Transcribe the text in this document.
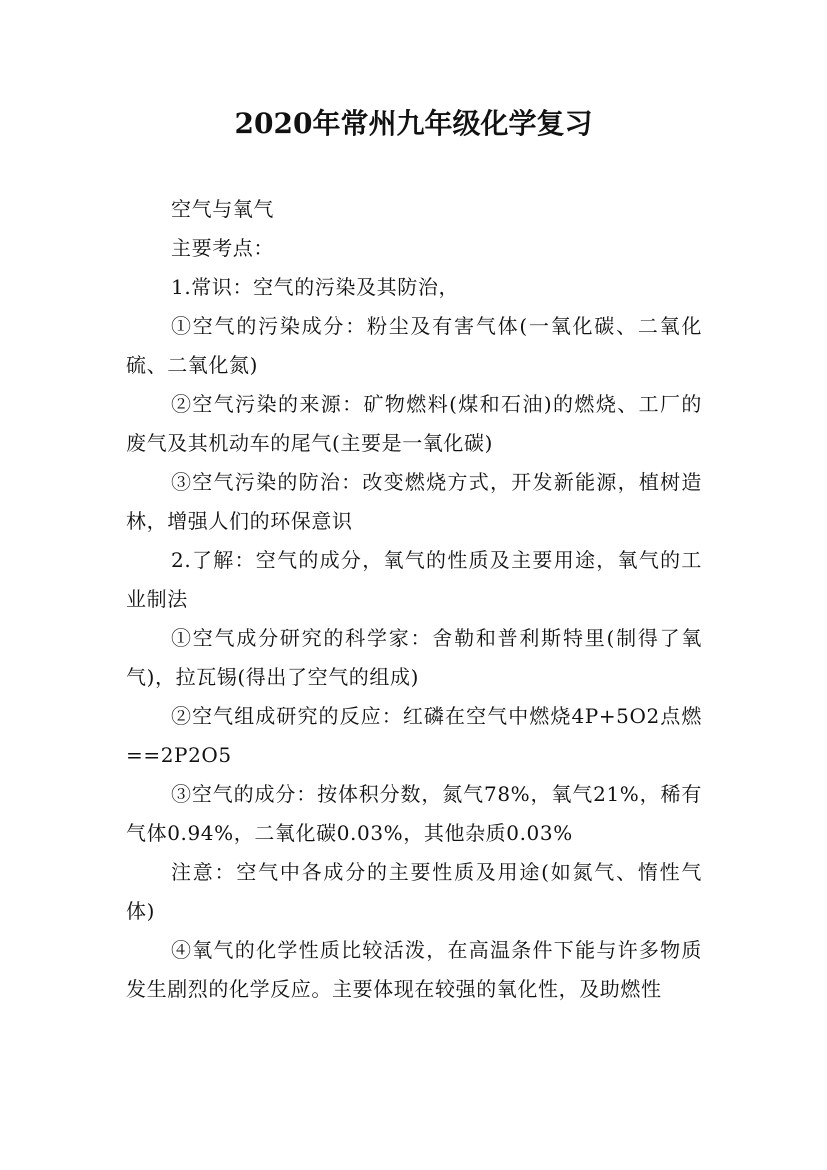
2020年常州九年级化学复习

空气与氧气

主要考点：

1.常识：空气的污染及其防治，

①空气的污染成分：粉尘及有害气体(一氧化碳、二氧化硫、二氧化氮)

②空气污染的来源：矿物燃料(煤和石油)的燃烧、工厂的废气及其机动车的尾气(主要是一氧化碳)

③空气污染的防治：改变燃烧方式，开发新能源，植树造林，增强人们的环保意识

2.了解：空气的成分，氧气的性质及主要用途，氧气的工业制法

①空气成分研究的科学家：舍勒和普利斯特里(制得了氧气)，拉瓦锡(得出了空气的组成)

②空气组成研究的反应：红磷在空气中燃烧4P+5O2点燃==2P2O5

③空气的成分：按体积分数，氮气78%，氧气21%，稀有气体0.94%，二氧化碳0.03%，其他杂质0.03%

注意：空气中各成分的主要性质及用途(如氮气、惰性气体)

④氧气的化学性质比较活泼，在高温条件下能与许多物质发生剧烈的化学反应。主要体现在较强的氧化性，及助燃性
